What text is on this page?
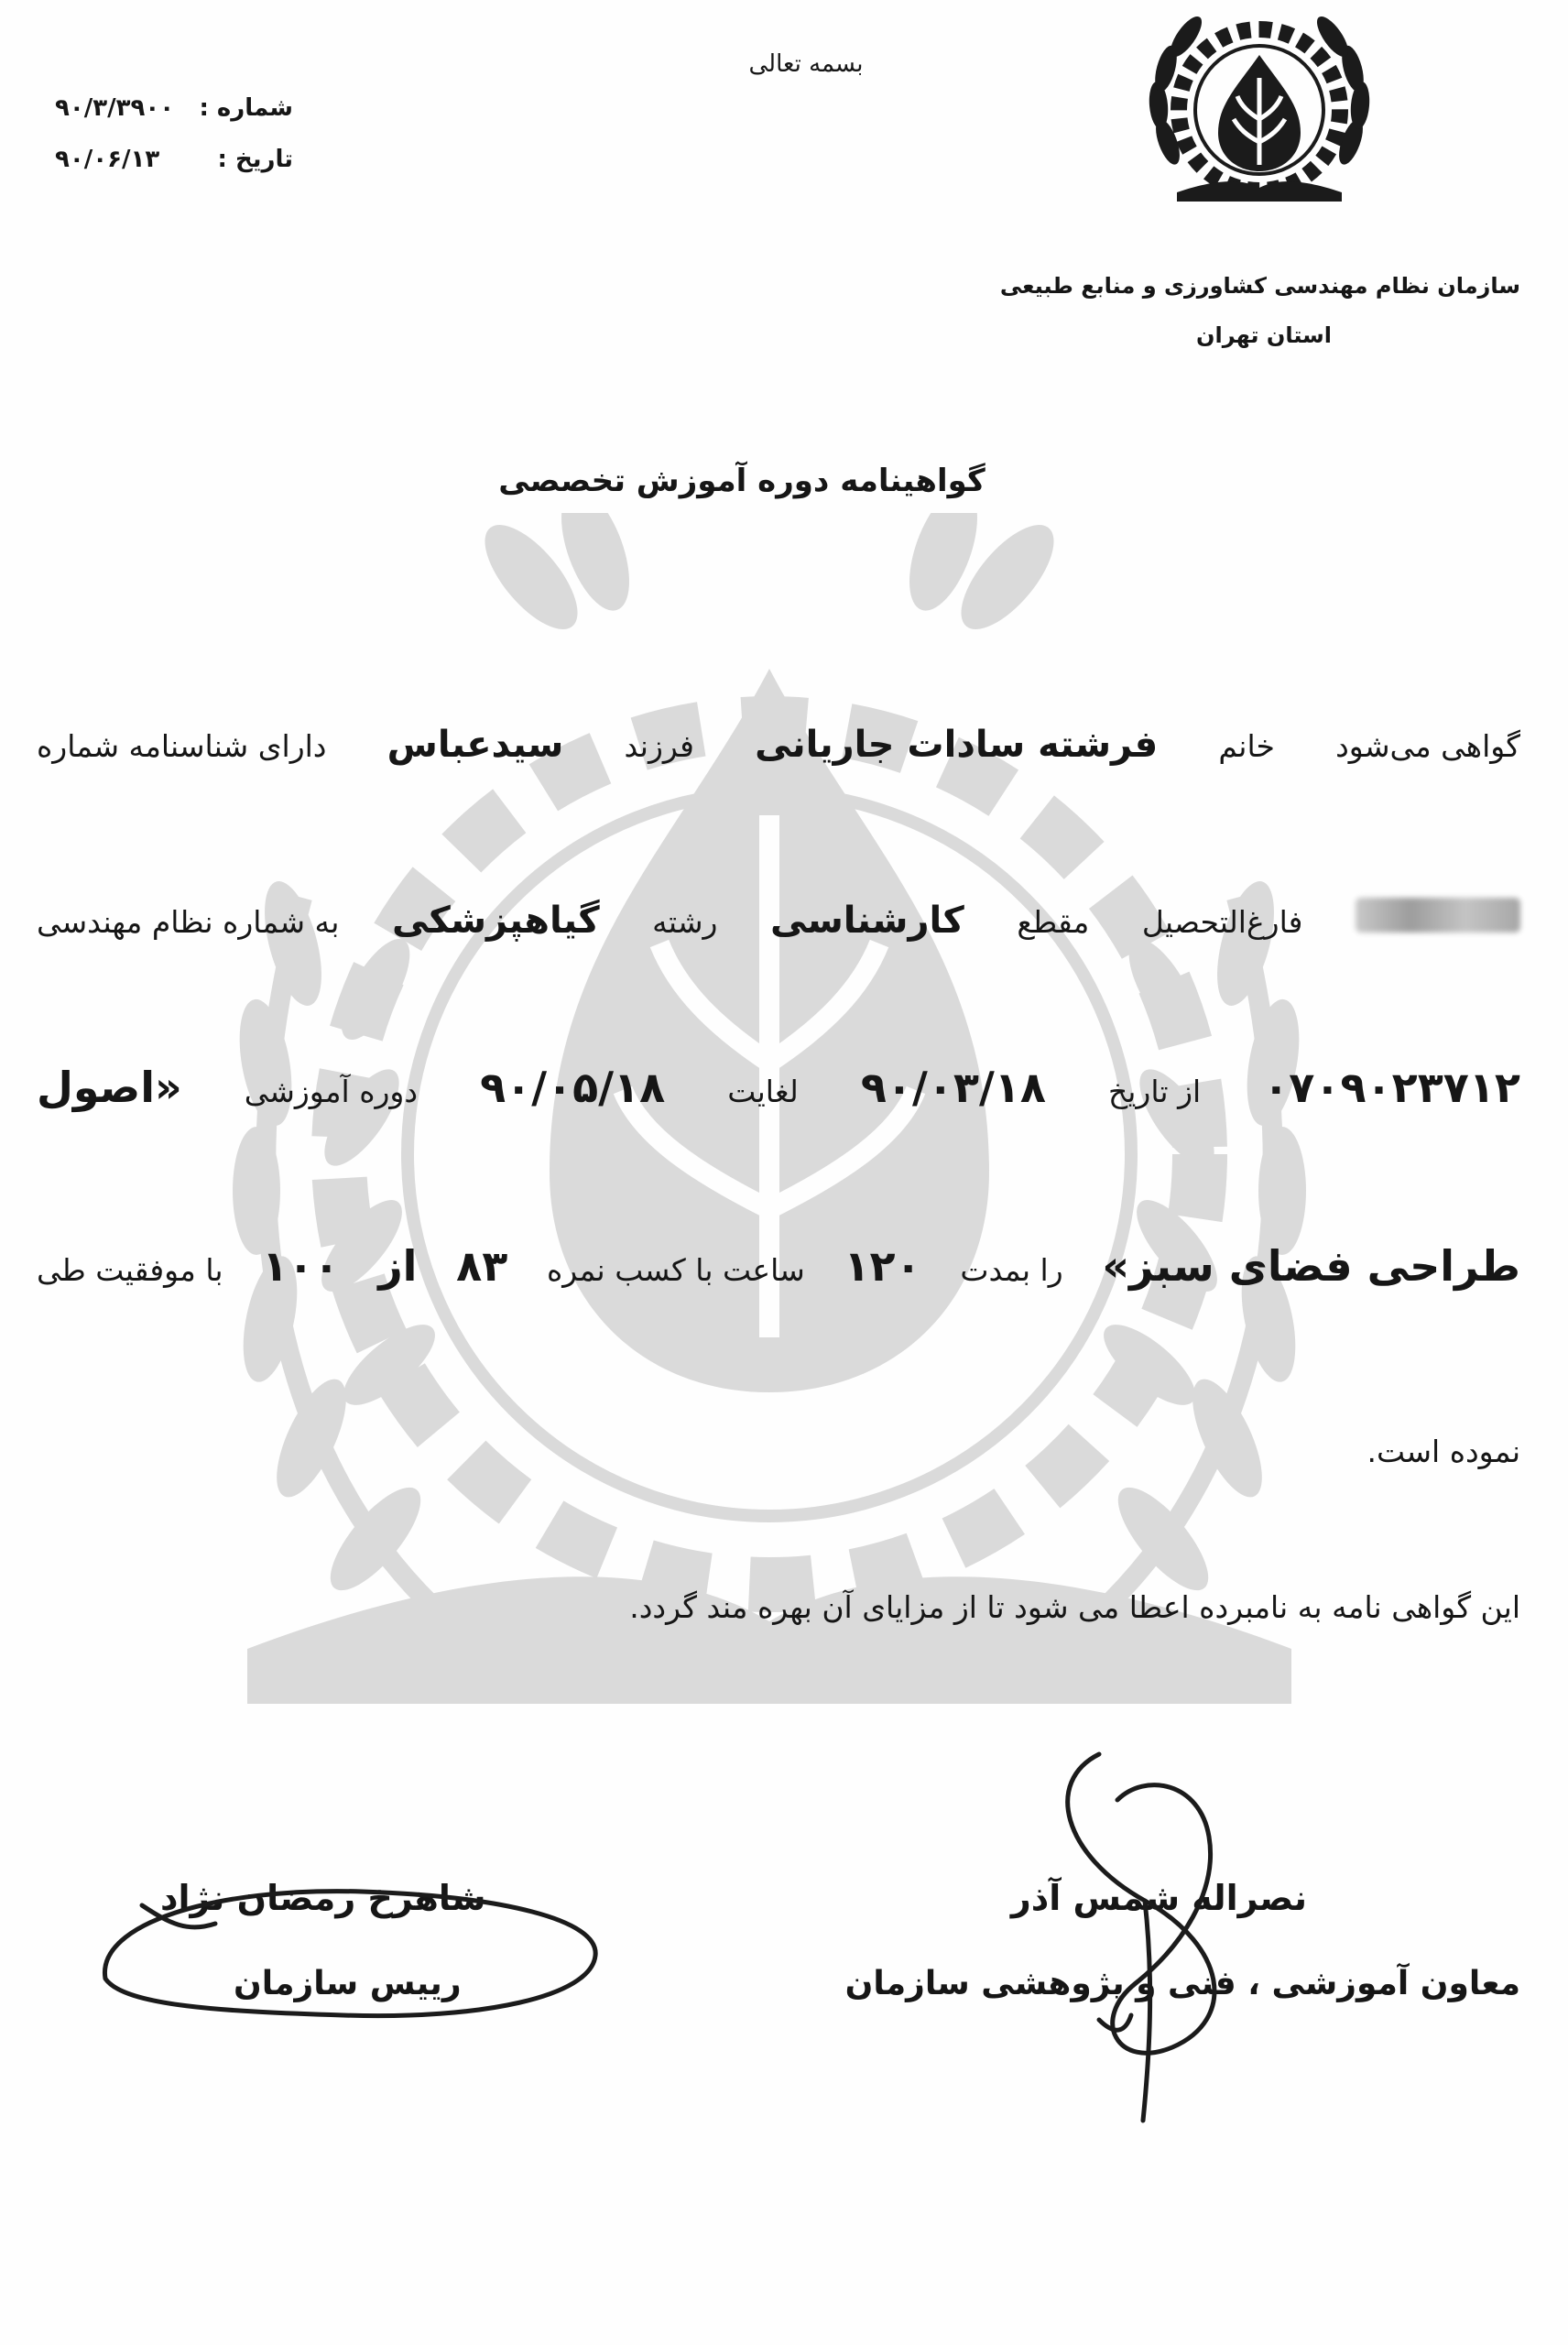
بسمه تعالی
سازمان نظام مهندسی کشاورزی و منابع طبیعی
استان تهران
شماره :
۹۰/۳/۳۹۰۰
تاریخ :
۹۰/۰۶/۱۳
گواهینامه دوره آموزش تخصصی
گواهی می‌شود
خانم
فرشته سادات جاریانی
فرزند
سیدعباس
دارای شناسنامه شماره
فارغ‌التحصیل
مقطع
کارشناسی
رشته
گیاهپزشکی
به شماره نظام مهندسی
۰۷۰۹۰۲۳۷۱۲
از تاریخ
۹۰/۰۳/۱۸
لغایت
۹۰/۰۵/۱۸
دوره آموزشی
«اصول
طراحی فضای سبز»
را بمدت
۱۲۰
ساعت با کسب نمره
۸۳
از
۱۰۰
با موفقیت طی
نموده است.
این گواهی نامه به نامبرده اعطا می شود تا از مزایای آن بهره مند گردد.
نصراله شمس آذر
معاون آموزشی ، فنی و پژوهشی سازمان
شاهرخ رمضان نژاد
رییس سازمان
